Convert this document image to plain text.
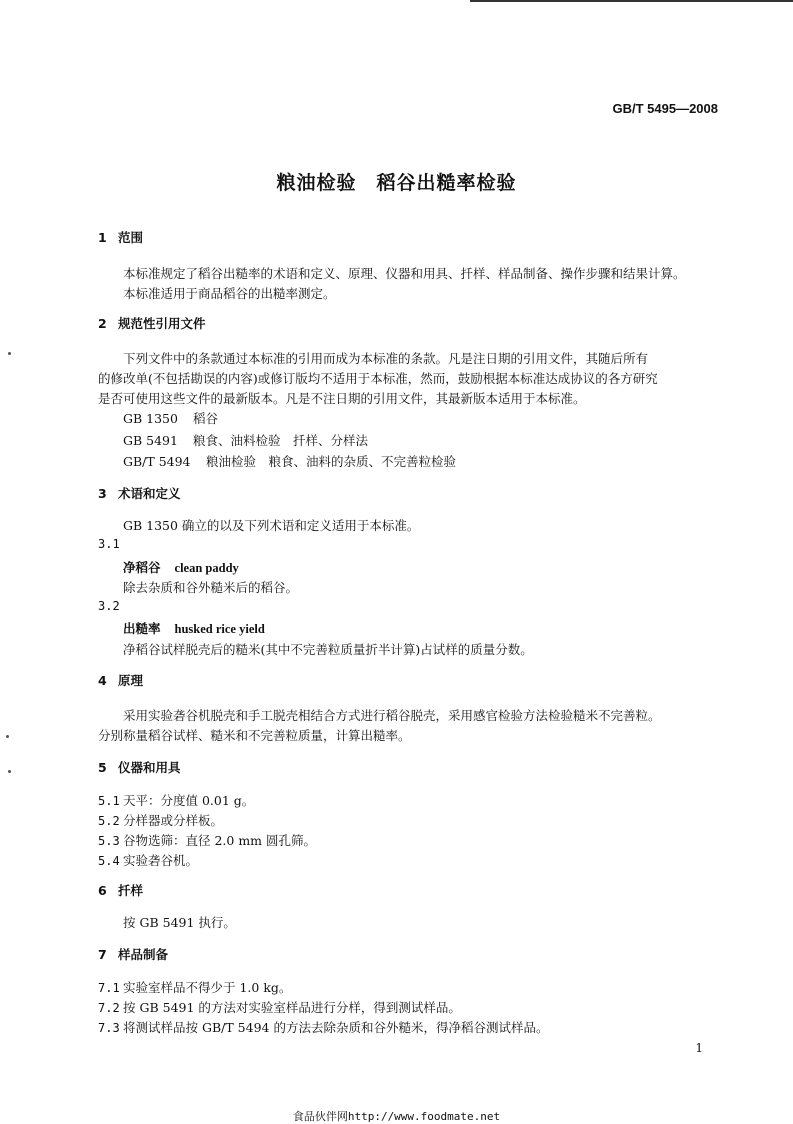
GB/T 5495—2008
粮油检验　稻谷出糙率检验
1 范围
本标准规定了稻谷出糙率的术语和定义、原理、仪器和用具、扦样、样品制备、操作步骤和结果计算。
本标准适用于商品稻谷的出糙率测定。
2 规范性引用文件
下列文件中的条款通过本标准的引用而成为本标准的条款。凡是注日期的引用文件，其随后所有
的修改单(不包括勘误的内容)或修订版均不适用于本标准，然而，鼓励根据本标准达成协议的各方研究
是否可使用这些文件的最新版本。凡是不注日期的引用文件，其最新版本适用于本标准。
GB 1350 稻谷
GB 5491 粮食、油料检验　扦样、分样法
GB/T 5494 粮油检验　粮食、油料的杂质、不完善粒检验
3 术语和定义
GB 1350 确立的以及下列术语和定义适用于本标准。
3.1
净稻谷 clean paddy
除去杂质和谷外糙米后的稻谷。
3.2
出糙率 husked rice yield
净稻谷试样脱壳后的糙米(其中不完善粒质量折半计算)占试样的质量分数。
4 原理
采用实验砻谷机脱壳和手工脱壳相结合方式进行稻谷脱壳，采用感官检验方法检验糙米不完善粒。
分别称量稻谷试样、糙米和不完善粒质量，计算出糙率。
5 仪器和用具
5.1 天平：分度值 0.01 g。
5.2 分样器或分样板。
5.3 谷物选筛：直径 2.0 mm 圆孔筛。
5.4 实验砻谷机。
6 扦样
按 GB 5491 执行。
7 样品制备
7.1 实验室样品不得少于 1.0 kg。
7.2 按 GB 5491 的方法对实验室样品进行分样，得到测试样品。
7.3 将测试样品按 GB/T 5494 的方法去除杂质和谷外糙米，得净稻谷测试样品。
1
食品伙伴网http://www.foodmate.net
